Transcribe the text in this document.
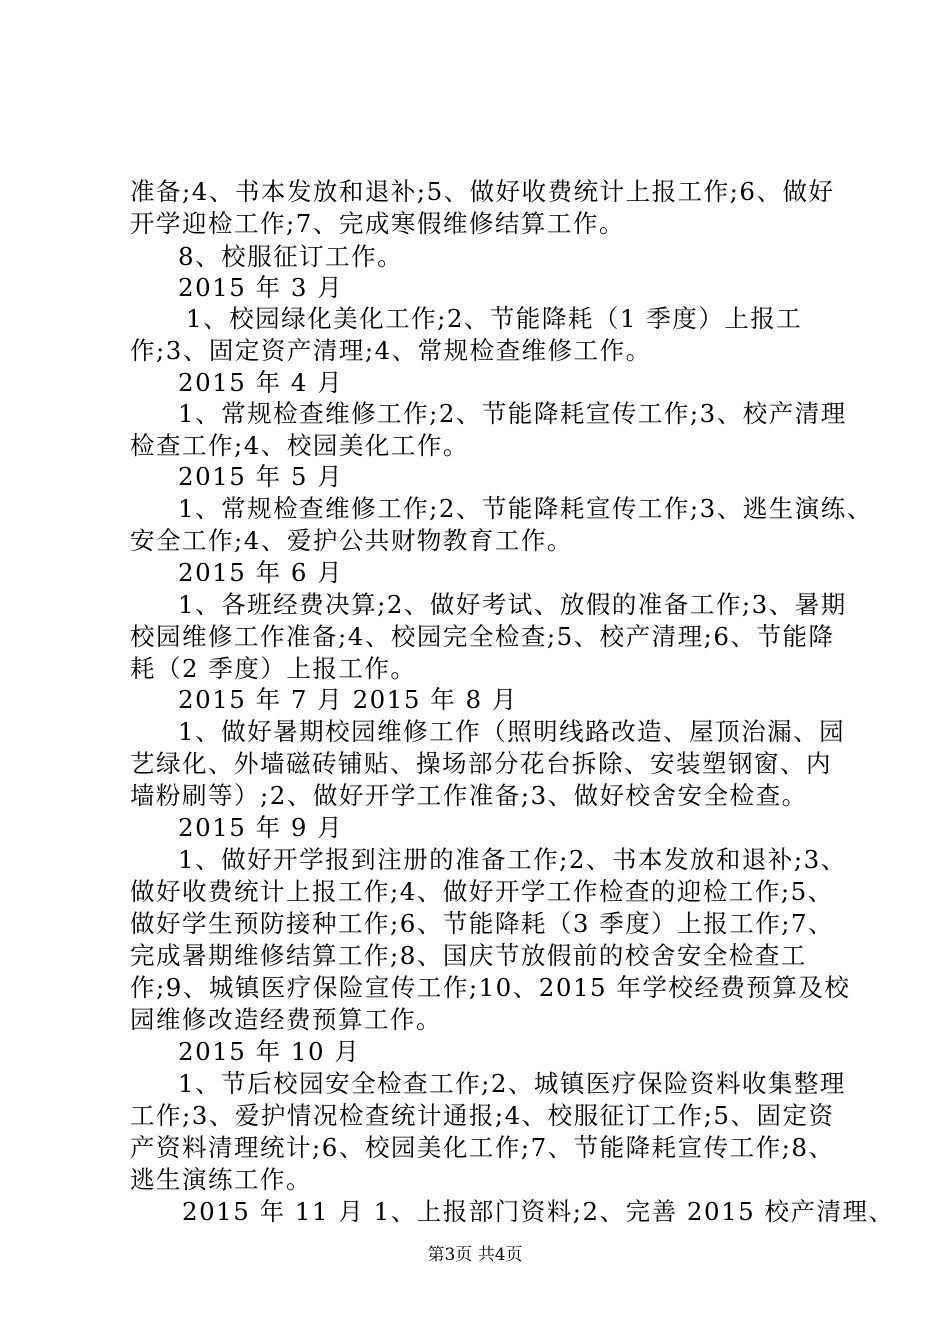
准备;4、书本发放和退补;5、做好收费统计上报工作;6、做好
开学迎检工作;7、完成寒假维修结算工作。
8、校服征订工作。
2015 年 3 月
1、校园绿化美化工作;2、节能降耗（1 季度）上报工
作;3、固定资产清理;4、常规检查维修工作。
2015 年 4 月
1、常规检查维修工作;2、节能降耗宣传工作;3、校产清理
检查工作;4、校园美化工作。
2015 年 5 月
1、常规检查维修工作;2、节能降耗宣传工作;3、逃生演练、
安全工作;4、爱护公共财物教育工作。
2015 年 6 月
1、各班经费决算;2、做好考试、放假的准备工作;3、暑期
校园维修工作准备;4、校园完全检查;5、校产清理;6、节能降
耗（2 季度）上报工作。
2015 年 7 月 2015 年 8 月
1、做好暑期校园维修工作（照明线路改造、屋顶治漏、园
艺绿化、外墙磁砖铺贴、操场部分花台拆除、安装塑钢窗、内
墙粉刷等）;2、做好开学工作准备;3、做好校舍安全检查。
2015 年 9 月
1、做好开学报到注册的准备工作;2、书本发放和退补;3、
做好收费统计上报工作;4、做好开学工作检查的迎检工作;5、
做好学生预防接种工作;6、节能降耗（3 季度）上报工作;7、
完成暑期维修结算工作;8、国庆节放假前的校舍安全检查工
作;9、城镇医疗保险宣传工作;10、2015 年学校经费预算及校
园维修改造经费预算工作。
2015 年 10 月
1、节后校园安全检查工作;2、城镇医疗保险资料收集整理
工作;3、爱护情况检查统计通报;4、校服征订工作;5、固定资
产资料清理统计;6、校园美化工作;7、节能降耗宣传工作;8、
逃生演练工作。
2015 年 11 月 1、上报部门资料;2、完善 2015 校产清理、
第3页 共4页
